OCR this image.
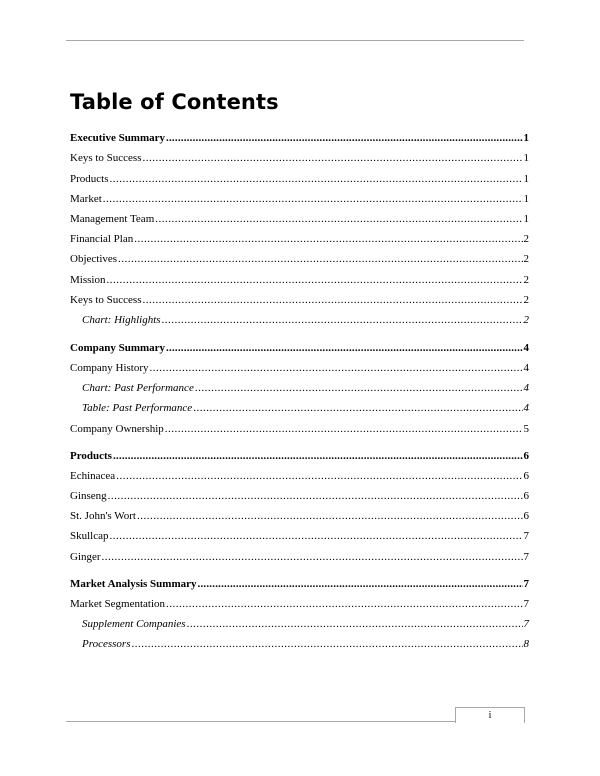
Table of Contents
Executive Summary .....	1
Keys to Success .....	1
Products .....	1
Market .....	1
Management Team .....	1
Financial Plan .....	2
Objectives .....	2
Mission .....	2
Keys to Success .....	2
Chart: Highlights .....	2
Company Summary .....	4
Company History .....	4
Chart: Past Performance .....	4
Table: Past Performance .....	4
Company Ownership .....	5
Products .....	6
Echinacea .....	6
Ginseng .....	6
St. John's Wort .....	6
Skullcap .....	7
Ginger .....	7
Market Analysis Summary .....	7
Market Segmentation .....	7
Supplement Companies .....	7
Processors .....	8
i
